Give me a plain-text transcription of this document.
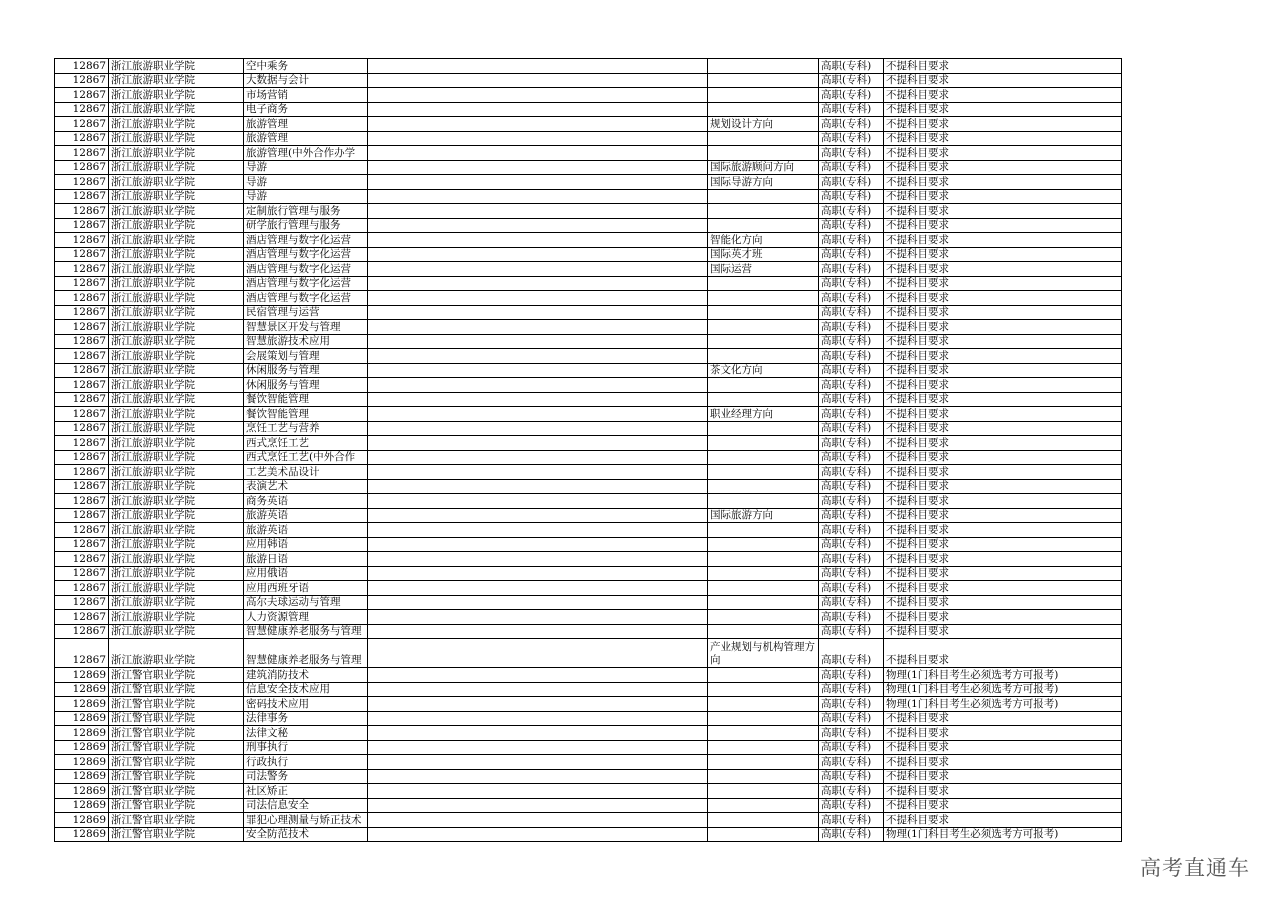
12867	浙江旅游职业学院	空中乘务			高职(专科)	不提科目要求
12867	浙江旅游职业学院	大数据与会计			高职(专科)	不提科目要求
12867	浙江旅游职业学院	市场营销			高职(专科)	不提科目要求
12867	浙江旅游职业学院	电子商务			高职(专科)	不提科目要求
12867	浙江旅游职业学院	旅游管理		规划设计方向	高职(专科)	不提科目要求
12867	浙江旅游职业学院	旅游管理			高职(专科)	不提科目要求
12867	浙江旅游职业学院	旅游管理(中外合作办学			高职(专科)	不提科目要求
12867	浙江旅游职业学院	导游		国际旅游顾问方向	高职(专科)	不提科目要求
12867	浙江旅游职业学院	导游		国际导游方向	高职(专科)	不提科目要求
12867	浙江旅游职业学院	导游			高职(专科)	不提科目要求
12867	浙江旅游职业学院	定制旅行管理与服务			高职(专科)	不提科目要求
12867	浙江旅游职业学院	研学旅行管理与服务			高职(专科)	不提科目要求
12867	浙江旅游职业学院	酒店管理与数字化运营		智能化方向	高职(专科)	不提科目要求
12867	浙江旅游职业学院	酒店管理与数字化运营		国际英才班	高职(专科)	不提科目要求
12867	浙江旅游职业学院	酒店管理与数字化运营		国际运营	高职(专科)	不提科目要求
12867	浙江旅游职业学院	酒店管理与数字化运营			高职(专科)	不提科目要求
12867	浙江旅游职业学院	酒店管理与数字化运营			高职(专科)	不提科目要求
12867	浙江旅游职业学院	民宿管理与运营			高职(专科)	不提科目要求
12867	浙江旅游职业学院	智慧景区开发与管理			高职(专科)	不提科目要求
12867	浙江旅游职业学院	智慧旅游技术应用			高职(专科)	不提科目要求
12867	浙江旅游职业学院	会展策划与管理			高职(专科)	不提科目要求
12867	浙江旅游职业学院	休闲服务与管理		茶文化方向	高职(专科)	不提科目要求
12867	浙江旅游职业学院	休闲服务与管理			高职(专科)	不提科目要求
12867	浙江旅游职业学院	餐饮智能管理			高职(专科)	不提科目要求
12867	浙江旅游职业学院	餐饮智能管理		职业经理方向	高职(专科)	不提科目要求
12867	浙江旅游职业学院	烹饪工艺与营养			高职(专科)	不提科目要求
12867	浙江旅游职业学院	西式烹饪工艺			高职(专科)	不提科目要求
12867	浙江旅游职业学院	西式烹饪工艺(中外合作			高职(专科)	不提科目要求
12867	浙江旅游职业学院	工艺美术品设计			高职(专科)	不提科目要求
12867	浙江旅游职业学院	表演艺术			高职(专科)	不提科目要求
12867	浙江旅游职业学院	商务英语			高职(专科)	不提科目要求
12867	浙江旅游职业学院	旅游英语		国际旅游方向	高职(专科)	不提科目要求
12867	浙江旅游职业学院	旅游英语			高职(专科)	不提科目要求
12867	浙江旅游职业学院	应用韩语			高职(专科)	不提科目要求
12867	浙江旅游职业学院	旅游日语			高职(专科)	不提科目要求
12867	浙江旅游职业学院	应用俄语			高职(专科)	不提科目要求
12867	浙江旅游职业学院	应用西班牙语			高职(专科)	不提科目要求
12867	浙江旅游职业学院	高尔夫球运动与管理			高职(专科)	不提科目要求
12867	浙江旅游职业学院	人力资源管理			高职(专科)	不提科目要求
12867	浙江旅游职业学院	智慧健康养老服务与管理			高职(专科)	不提科目要求
12867	浙江旅游职业学院	智慧健康养老服务与管理		产业规划与机构管理方向	高职(专科)	不提科目要求
12869	浙江警官职业学院	建筑消防技术			高职(专科)	物理(1门科目考生必须选考方可报考)
12869	浙江警官职业学院	信息安全技术应用			高职(专科)	物理(1门科目考生必须选考方可报考)
12869	浙江警官职业学院	密码技术应用			高职(专科)	物理(1门科目考生必须选考方可报考)
12869	浙江警官职业学院	法律事务			高职(专科)	不提科目要求
12869	浙江警官职业学院	法律文秘			高职(专科)	不提科目要求
12869	浙江警官职业学院	刑事执行			高职(专科)	不提科目要求
12869	浙江警官职业学院	行政执行			高职(专科)	不提科目要求
12869	浙江警官职业学院	司法警务			高职(专科)	不提科目要求
12869	浙江警官职业学院	社区矫正			高职(专科)	不提科目要求
12869	浙江警官职业学院	司法信息安全			高职(专科)	不提科目要求
12869	浙江警官职业学院	罪犯心理测量与矫正技术			高职(专科)	不提科目要求
12869	浙江警官职业学院	安全防范技术			高职(专科)	物理(1门科目考生必须选考方可报考)
高考直通车
